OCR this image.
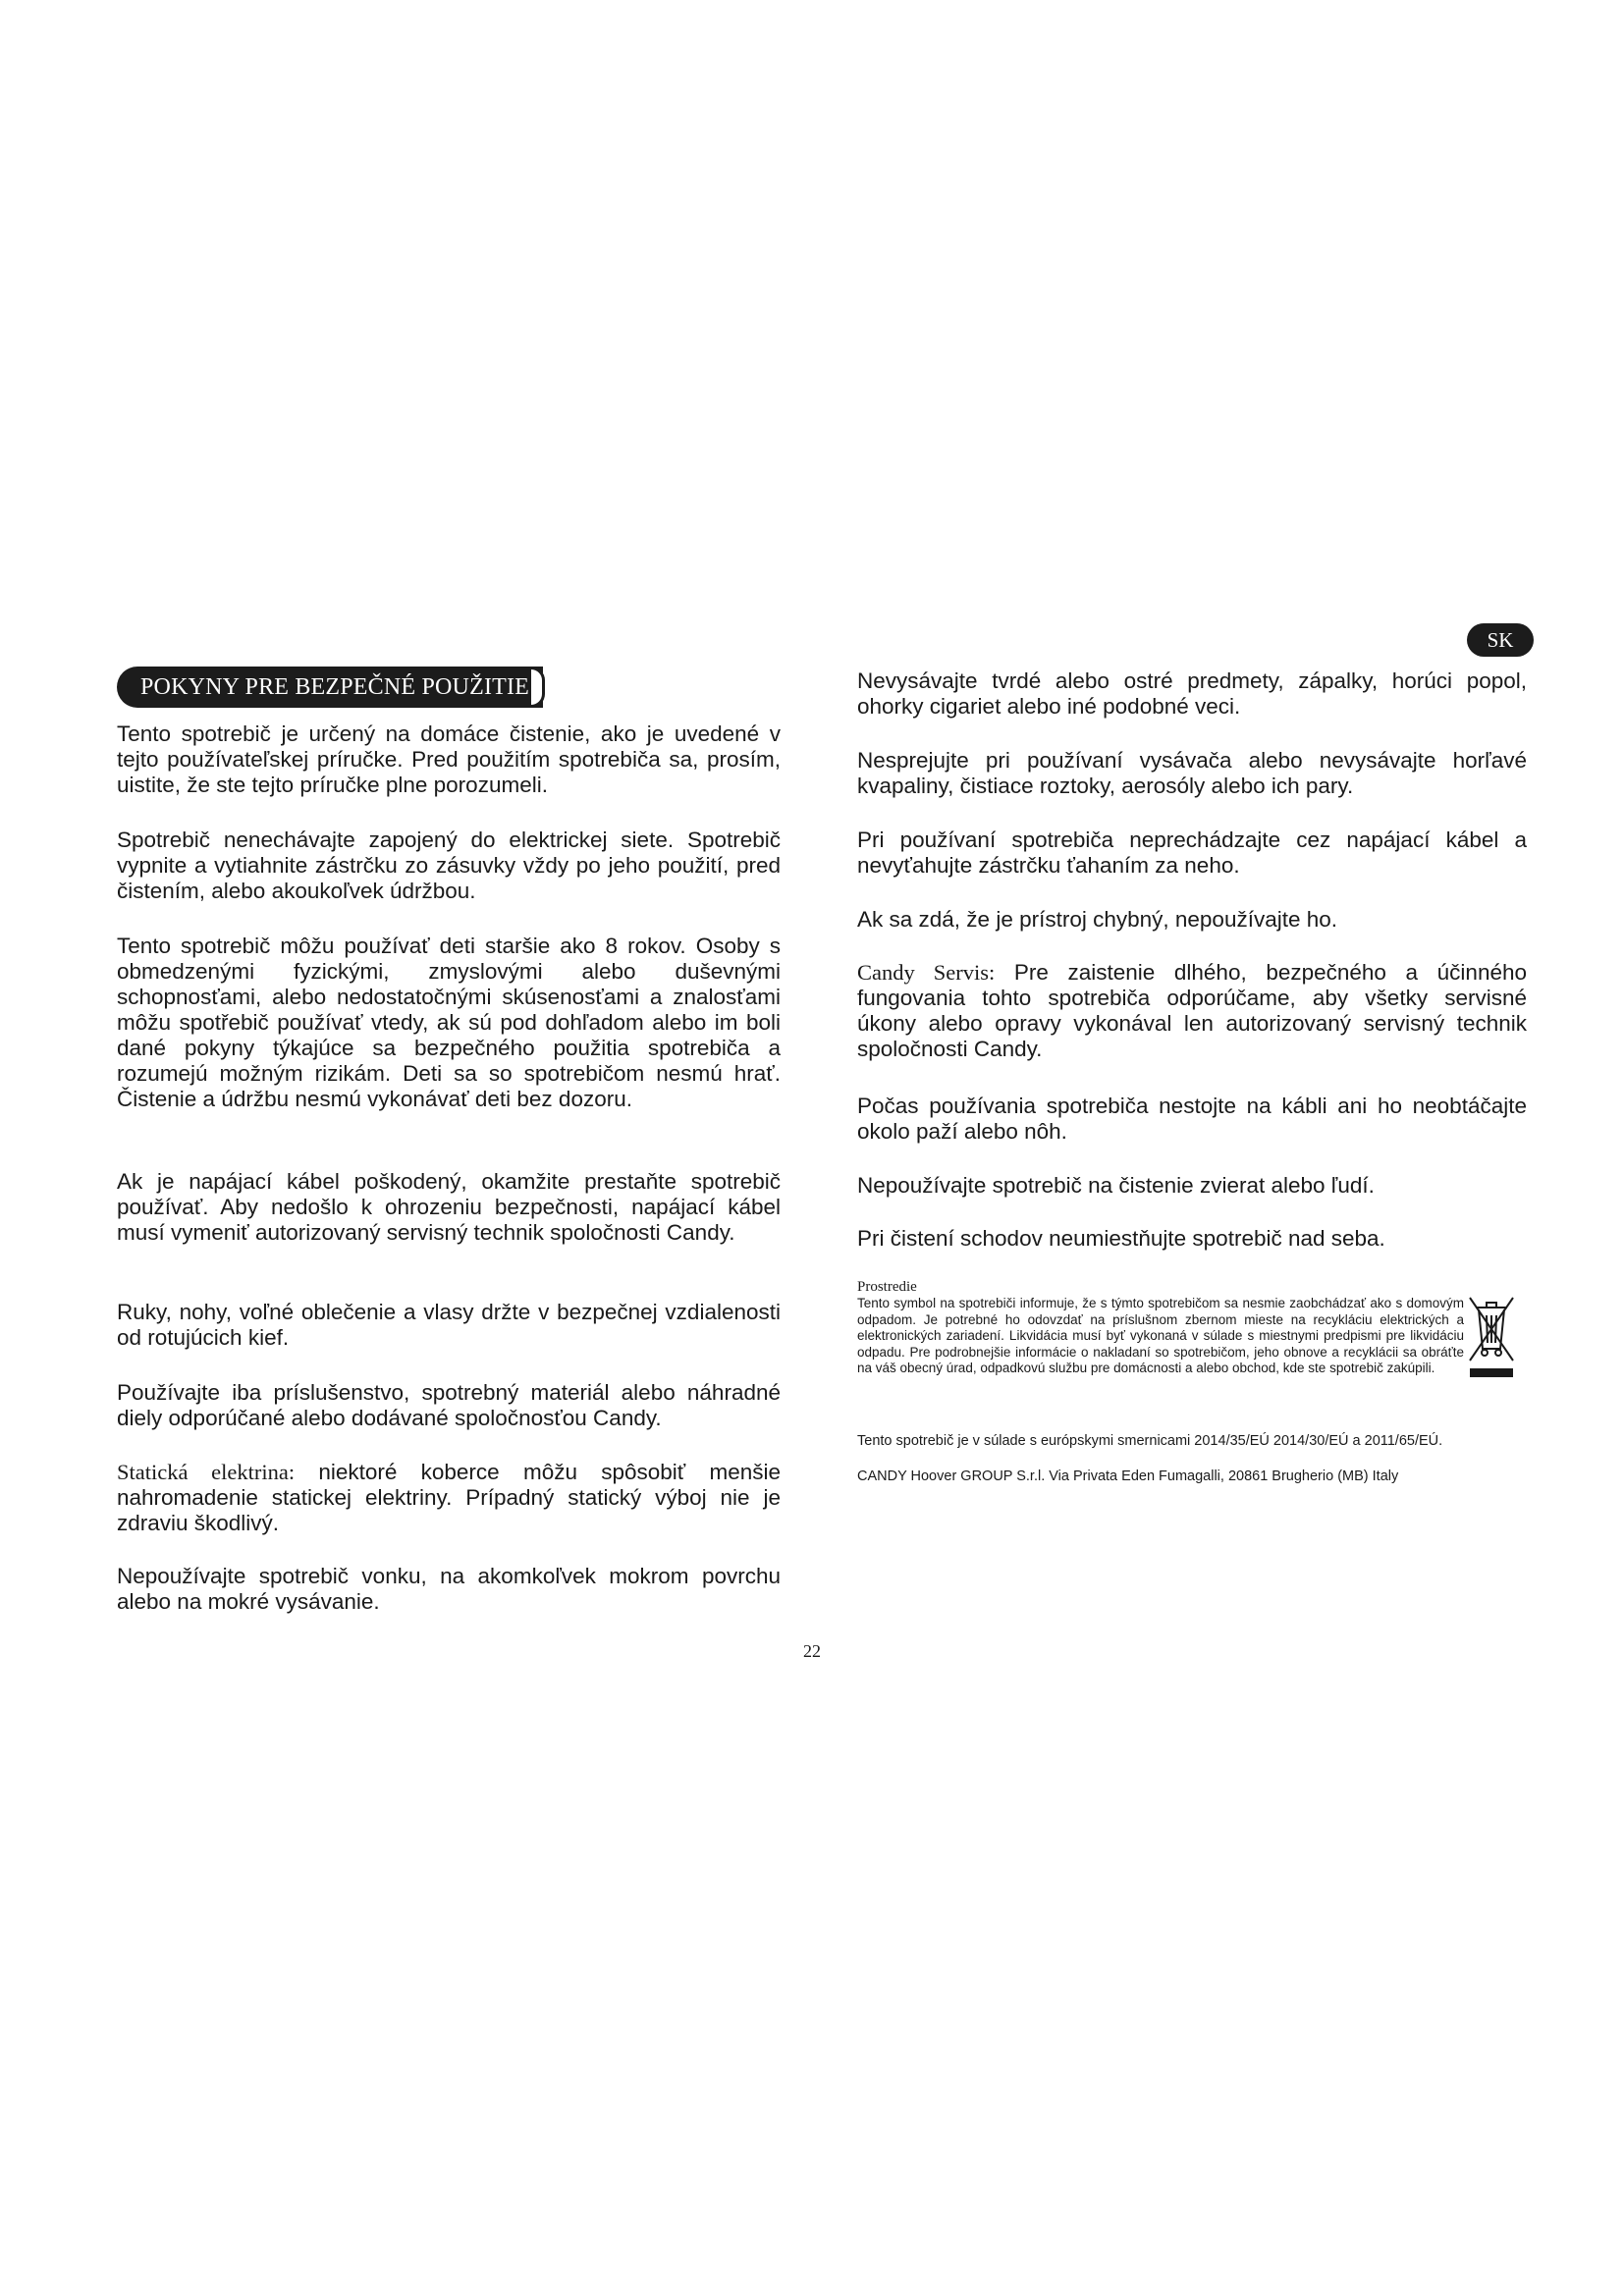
SK
POKYNY PRE BEZPEČNÉ POUŽITIE

Tento spotrebič je určený na domáce čistenie, ako je uvedené v tejto používateľskej príručke. Pred použitím spotrebiča sa, prosím, uistite, že ste tejto príručke plne porozumeli.

Spotrebič nenechávajte zapojený do elektrickej siete. Spotrebič vypnite a vytiahnite zástrčku zo zásuvky vždy po jeho použití, pred čistením, alebo akoukoľvek údržbou.

Tento spotrebič môžu používať deti staršie ako 8 rokov. Osoby s obmedzenými fyzickými, zmyslovými alebo duševnými schopnosťami, alebo nedostatočnými skúsenosťami a znalosťami môžu spotřebič používať vtedy, ak sú pod dohľadom alebo im boli dané pokyny týkajúce sa bezpečného použitia spotrebiča a rozumejú možným rizikám. Deti sa so spotrebičom nesmú hrať. Čistenie a údržbu nesmú vykonávať deti bez dozoru.

Ak je napájací kábel poškodený, okamžite prestaňte spotrebič používať. Aby nedošlo k ohrozeniu bezpečnosti, napájací kábel musí vymeniť autorizovaný servisný technik spoločnosti Candy.

Ruky, nohy, voľné oblečenie a vlasy držte v bezpečnej vzdialenosti od rotujúcich kief.

Používajte iba príslušenstvo, spotrebný materiál alebo náhradné diely odporúčané alebo dodávané spoločnosťou Candy.

Statická elektrina: niektoré koberce môžu spôsobiť menšie nahromadenie statickej elektriny. Prípadný statický výboj nie je zdraviu škodlivý.

Nepoužívajte spotrebič vonku, na akomkoľvek mokrom povrchu alebo na mokré vysávanie.

Nevysávajte tvrdé alebo ostré predmety, zápalky, horúci popol, ohorky cigariet alebo iné podobné veci.

Nesprejujte pri používaní vysávača alebo nevysávajte horľavé kvapaliny, čistiace roztoky, aerosóly alebo ich pary.

Pri používaní spotrebiča neprechádzajte cez napájací kábel a nevyťahujte zástrčku ťahaním za neho.

Ak sa zdá, že je prístroj chybný, nepoužívajte ho.

Candy Servis: Pre zaistenie dlhého, bezpečného a účinného fungovania tohto spotrebiča odporúčame, aby všetky servisné úkony alebo opravy vykonával len autorizovaný servisný technik spoločnosti Candy.

Počas používania spotrebiča nestojte na kábli ani ho neobtáčajte okolo paží alebo nôh.

Nepoužívajte spotrebič na čistenie zvierat alebo ľudí.

Pri čistení schodov neumiestňujte spotrebič nad seba.

Prostredie

Tento symbol na spotrebiči informuje, že s týmto spotrebičom sa nesmie zaobchádzať ako s domovým odpadom. Je potrebné ho odovzdať na príslušnom zbernom mieste na recykláciu elektrických a elektronických zariadení. Likvidácia musí byť vykonaná v súlade s miestnymi predpismi pre likvidáciu odpadu. Pre podrobnejšie informácie o nakladaní so spotrebičom, jeho obnove a recyklácii sa obráťte na váš obecný úrad, odpadkovú službu pre domácnosti a alebo obchod, kde ste spotrebič zakúpili.

Tento spotrebič je v súlade s európskymi smernicami 2014/35/EÚ 2014/30/EÚ a 2011/65/EÚ.

CANDY Hoover GROUP S.r.l. Via Privata Eden Fumagalli, 20861 Brugherio (MB) Italy

22
